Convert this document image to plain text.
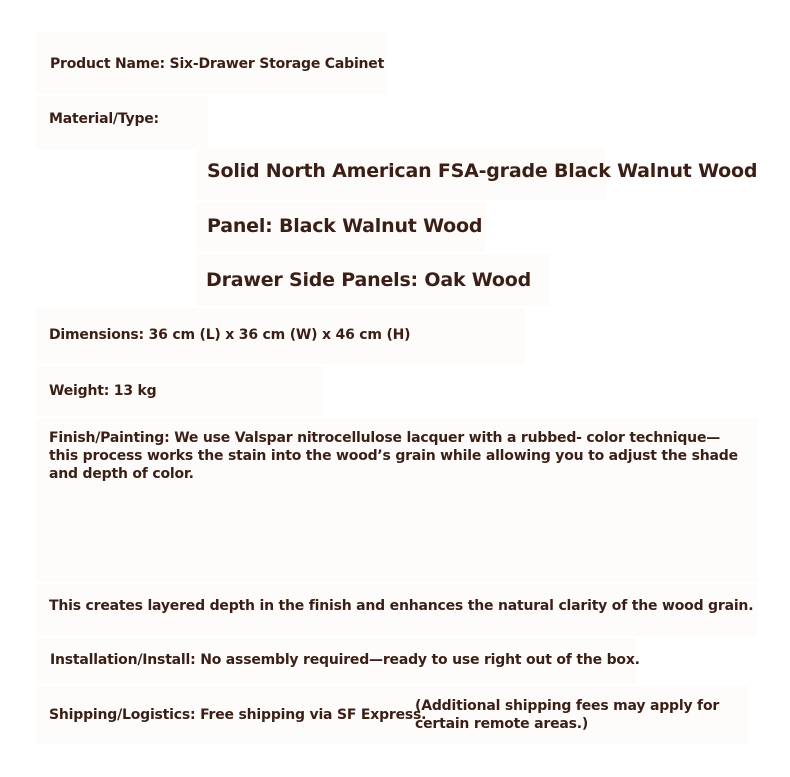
Product Name: Six-Drawer Storage Cabinet
Material/Type:
Solid North American FSA-grade Black Walnut Wood
Panel: Black Walnut Wood
Drawer Side Panels: Oak Wood
Dimensions: 36 cm (L) x 36 cm (W) x 46 cm (H)
Weight: 13 kg
Finish/Painting: We use Valspar nitrocellulose lacquer with a rubbed- color technique—this process works the stain into the wood’s grain while allowing you to adjust the shade and depth of color.
This creates layered depth in the finish and enhances the natural clarity of the wood grain.
Installation/Install: No assembly required—ready to use right out of the box.
Shipping/Logistics: Free shipping via SF Express.
(Additional shipping fees may apply for certain remote areas.)
